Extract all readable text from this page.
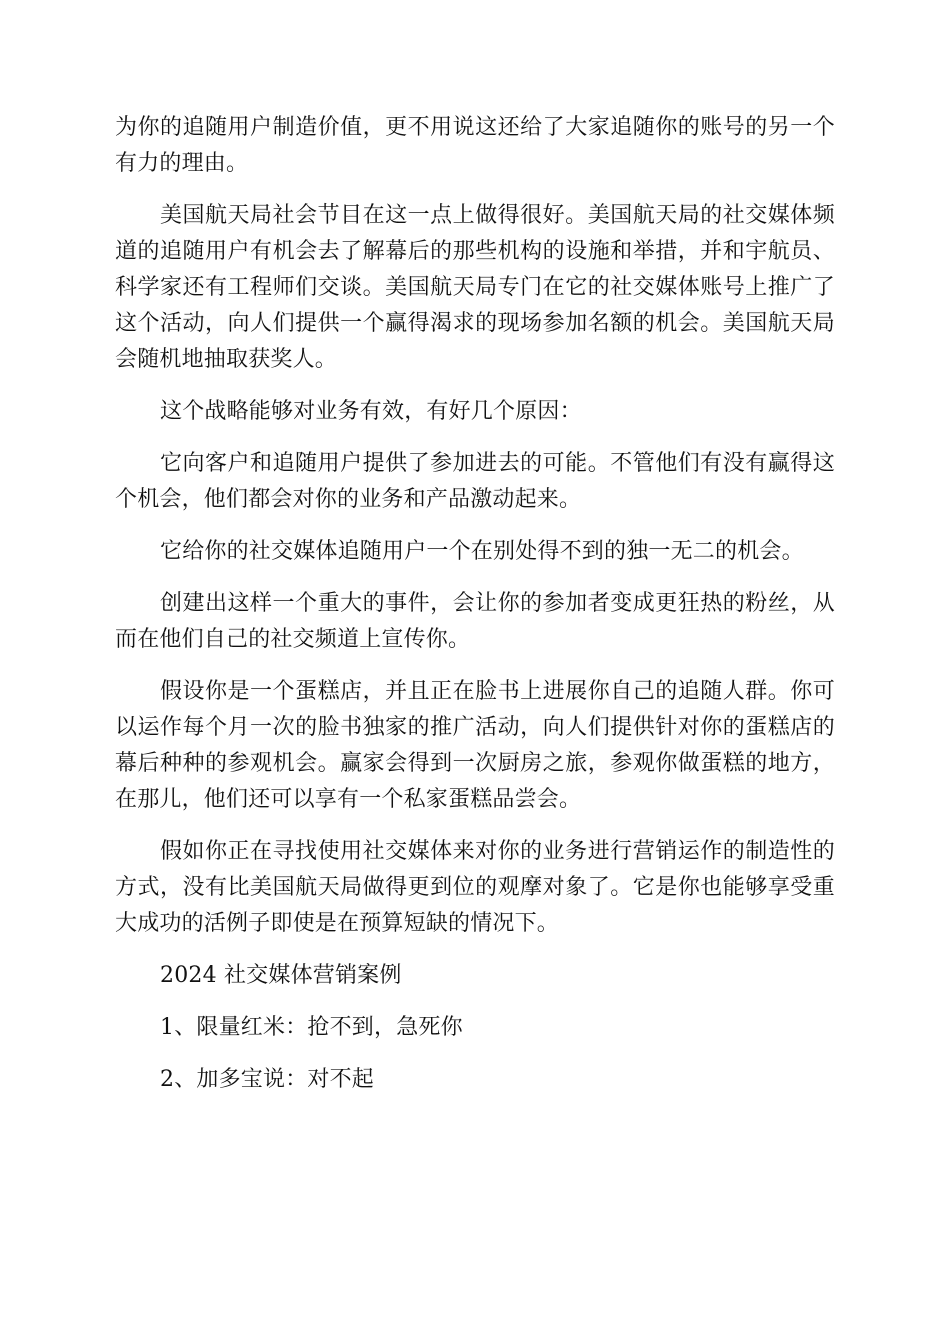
为你的追随用户制造价值，更不用说这还给了大家追随你的账号的另一个有力的理由。

美国航天局社会节目在这一点上做得很好。美国航天局的社交媒体频道的追随用户有机会去了解幕后的那些机构的设施和举措，并和宇航员、科学家还有工程师们交谈。美国航天局专门在它的社交媒体账号上推广了这个活动，向人们提供一个赢得渴求的现场参加名额的机会。美国航天局会随机地抽取获奖人。

这个战略能够对业务有效，有好几个原因：

它向客户和追随用户提供了参加进去的可能。不管他们有没有赢得这个机会，他们都会对你的业务和产品激动起来。

它给你的社交媒体追随用户一个在别处得不到的独一无二的机会。

创建出这样一个重大的事件，会让你的参加者变成更狂热的粉丝，从而在他们自己的社交频道上宣传你。

假设你是一个蛋糕店，并且正在脸书上进展你自己的追随人群。你可以运作每个月一次的脸书独家的推广活动，向人们提供针对你的蛋糕店的幕后种种的参观机会。赢家会得到一次厨房之旅，参观你做蛋糕的地方，在那儿，他们还可以享有一个私家蛋糕品尝会。

假如你正在寻找使用社交媒体来对你的业务进行营销运作的制造性的方式，没有比美国航天局做得更到位的观摩对象了。它是你也能够享受重大成功的活例子即使是在预算短缺的情况下。

2024 社交媒体营销案例

1、限量红米：抢不到，急死你

2、加多宝说：对不起
